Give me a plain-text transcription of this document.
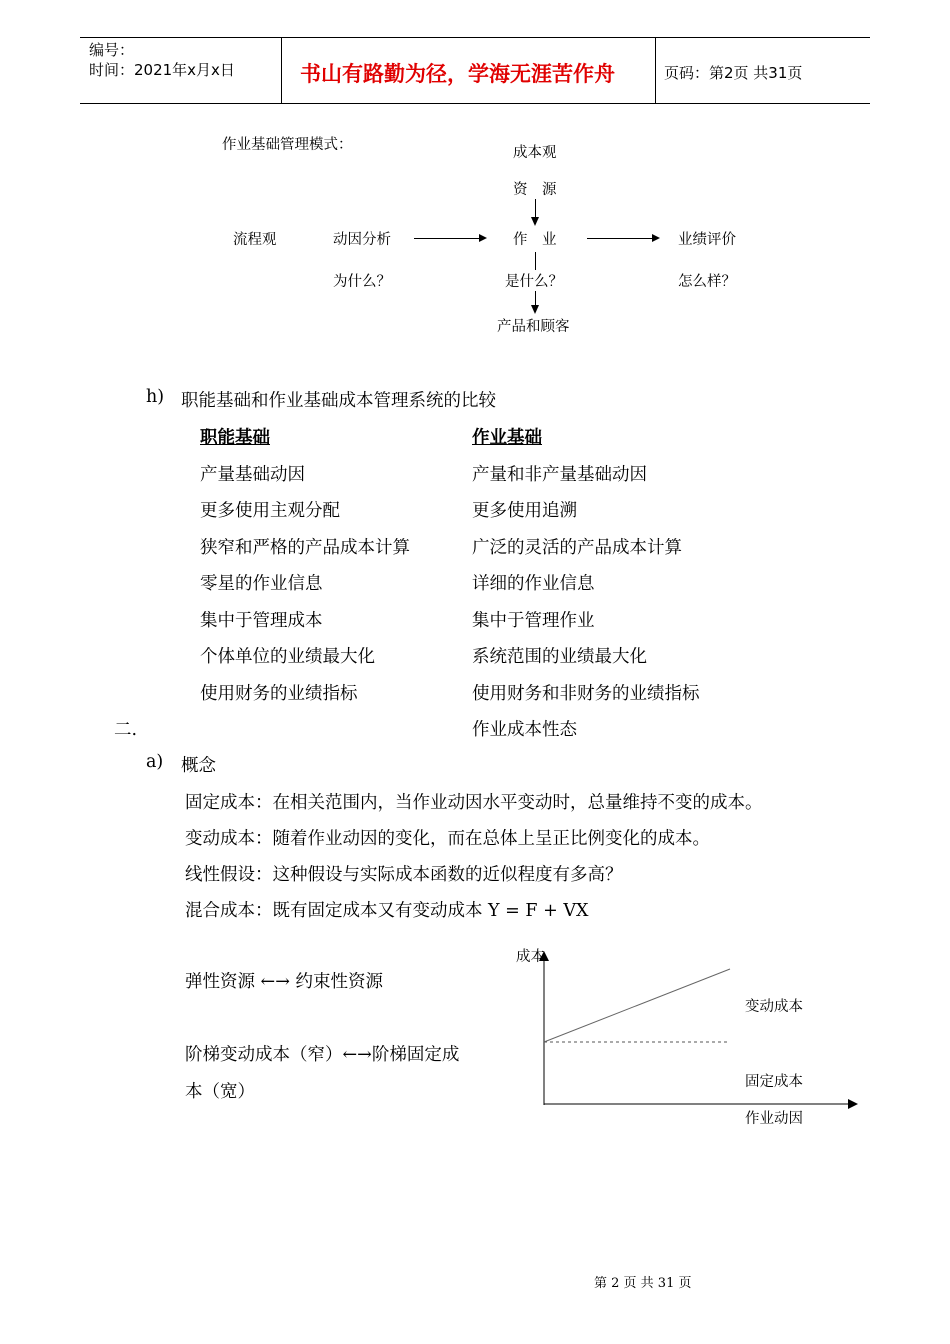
编号：
时间：2021年x月x日	书山有路勤为径，学海无涯苦作舟	页码：第2页 共31页
作业基础管理模式：	成本观
资　源
流程观	动因分析	作　业	业绩评价
为什么？	是什么？	怎么样？
产品和顾客
h) 职能基础和作业基础成本管理系统的比较
职能基础	作业基础
产量基础动因	产量和非产量基础动因
更多使用主观分配	更多使用追溯
狭窄和严格的产品成本计算	广泛的灵活的产品成本计算
零星的作业信息	详细的作业信息
集中于管理成本	集中于管理作业
个体单位的业绩最大化	系统范围的业绩最大化
使用财务的业绩指标	使用财务和非财务的业绩指标
二.	作业成本性态
a) 概念
固定成本：在相关范围内，当作业动因水平变动时，总量维持不变的成本。
变动成本：随着作业动因的变化，而在总体上呈正比例变化的成本。
线性假设：这种假设与实际成本函数的近似程度有多高？
混合成本：既有固定成本又有变动成本 Y = F + VX
弹性资源 ←→ 约束性资源
阶梯变动成本（窄）←→阶梯固定成
本（宽）
成本
变动成本
固定成本
作业动因
第 2 页 共 31 页
